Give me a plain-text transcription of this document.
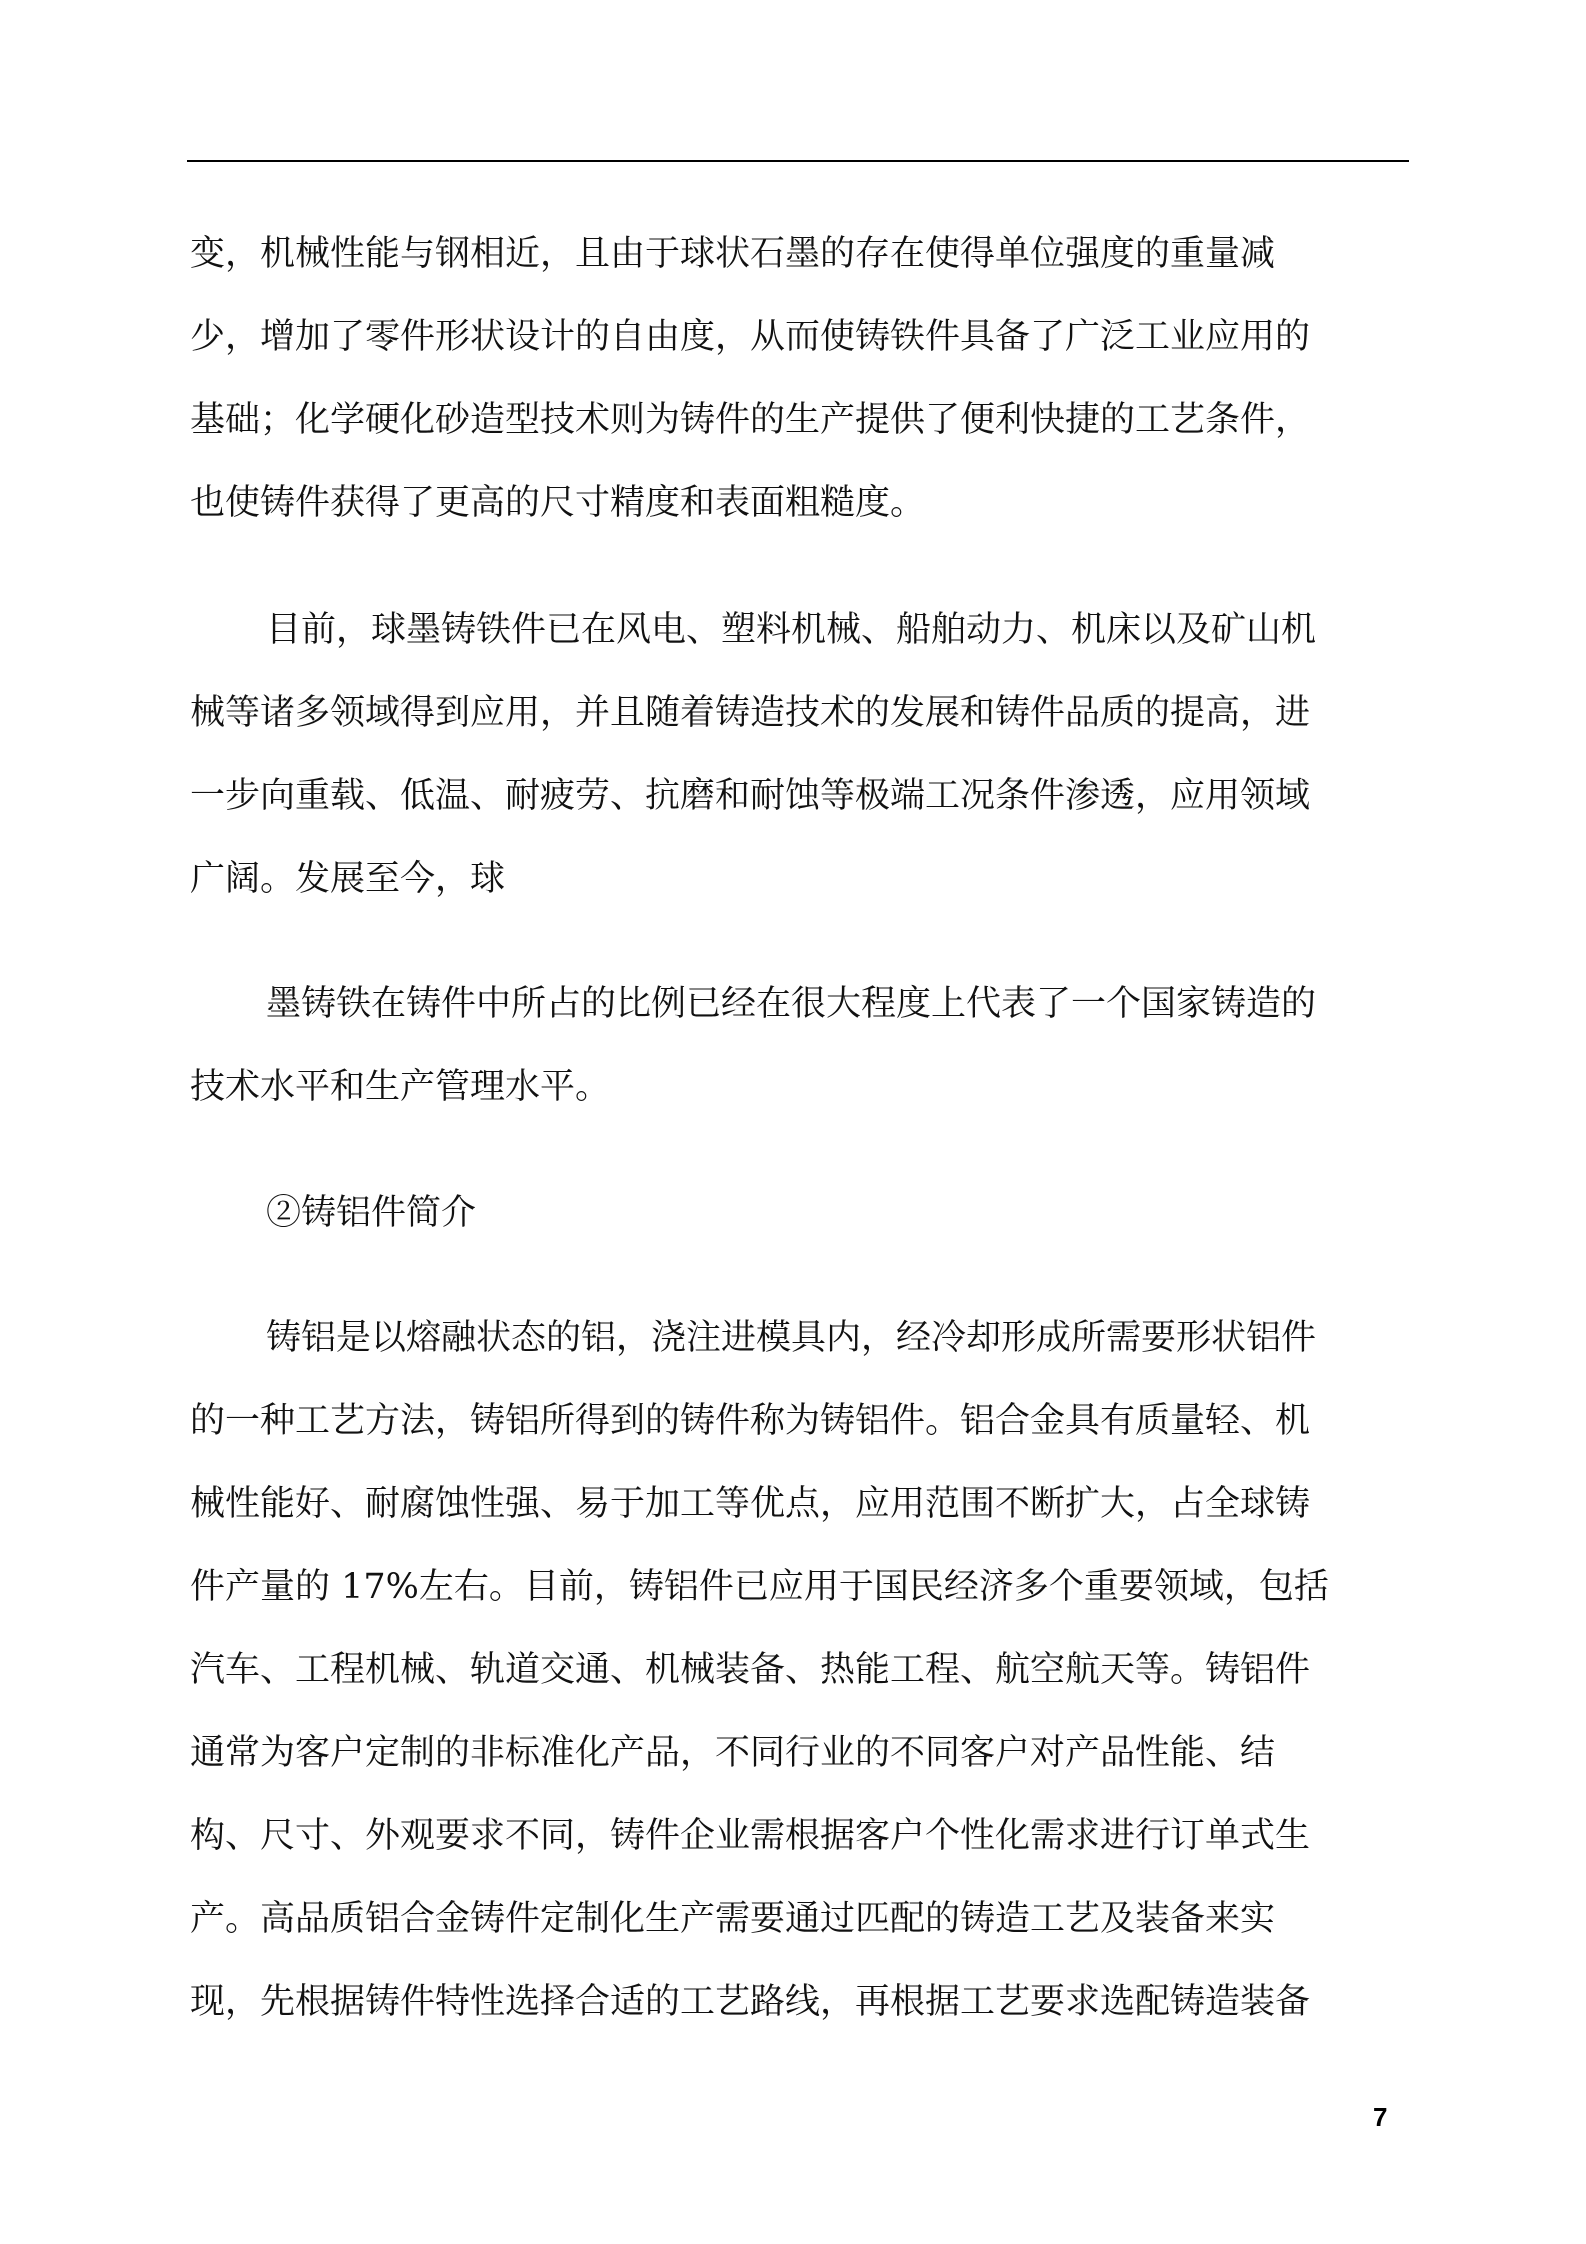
变，机械性能与钢相近，且由于球状石墨的存在使得单位强度的重量减
少，增加了零件形状设计的自由度，从而使铸铁件具备了广泛工业应用的
基础；化学硬化砂造型技术则为铸件的生产提供了便利快捷的工艺条件，
也使铸件获得了更高的尺寸精度和表面粗糙度。
目前，球墨铸铁件已在风电、塑料机械、船舶动力、机床以及矿山机
械等诸多领域得到应用，并且随着铸造技术的发展和铸件品质的提高，进
一步向重载、低温、耐疲劳、抗磨和耐蚀等极端工况条件渗透，应用领域
广阔。发展至今，球
墨铸铁在铸件中所占的比例已经在很大程度上代表了一个国家铸造的
技术水平和生产管理水平。
②铸铝件简介
铸铝是以熔融状态的铝，浇注进模具内，经冷却形成所需要形状铝件
的一种工艺方法，铸铝所得到的铸件称为铸铝件。铝合金具有质量轻、机
械性能好、耐腐蚀性强、易于加工等优点，应用范围不断扩大，占全球铸
件产量的 17%左右。目前，铸铝件已应用于国民经济多个重要领域，包括
汽车、工程机械、轨道交通、机械装备、热能工程、航空航天等。铸铝件
通常为客户定制的非标准化产品，不同行业的不同客户对产品性能、结
构、尺寸、外观要求不同，铸件企业需根据客户个性化需求进行订单式生
产。高品质铝合金铸件定制化生产需要通过匹配的铸造工艺及装备来实
现，先根据铸件特性选择合适的工艺路线，再根据工艺要求选配铸造装备
7
